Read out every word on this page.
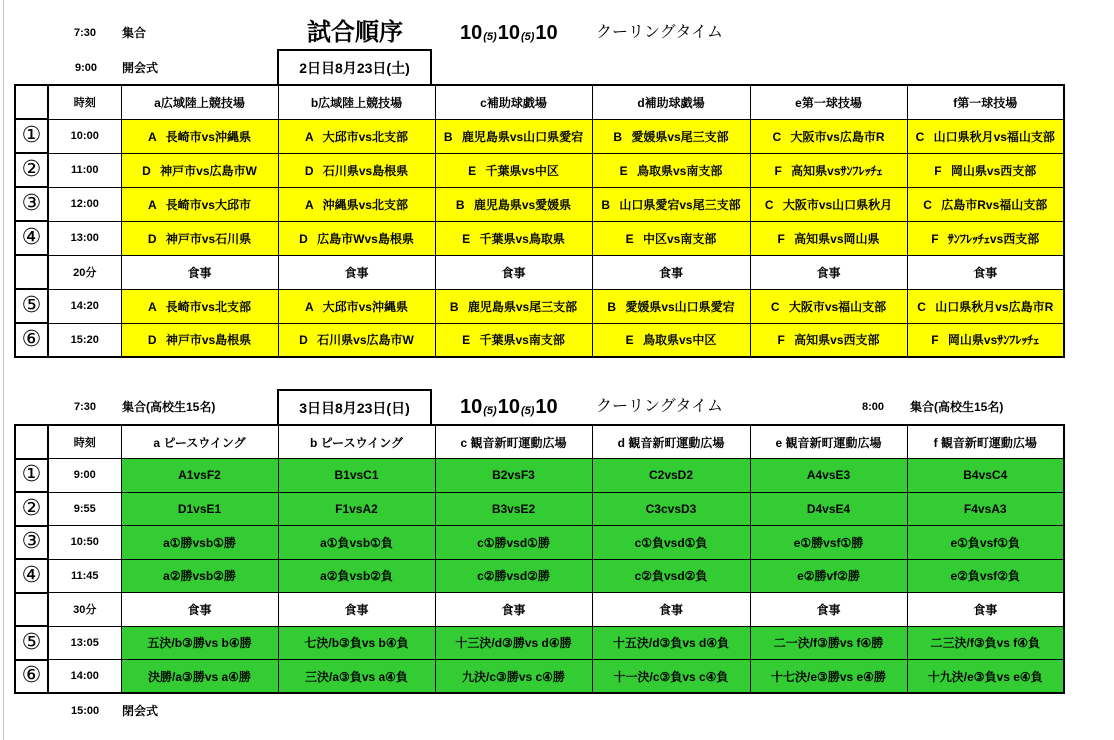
7:30 集合	試合順序	10(5)10(5)10 クーリングタイム
9:00 開会式	2日目8月23日(土)
	時刻	a広域陸上競技場	b広域陸上競技場	c補助球戯場	d補助球戯場	e第一球技場	f第一球技場
①	10:00	A 長崎市vs沖縄県	A 大邱市vs北支部	B 鹿児島県vs山口県愛宕	B 愛媛県vs尾三支部	C 大阪市vs広島市R	C 山口県秋月vs福山支部
②	11:00	D 神戸市vs広島市W	D 石川県vs島根県	E 千葉県vs中区	E 鳥取県vs南支部	F 高知県vsｻﾝﾌﾚｯﾁｪ	F 岡山県vs西支部
③	12:00	A 長崎市vs大邱市	A 沖縄県vs北支部	B 鹿児島県vs愛媛県	B 山口県愛宕vs尾三支部	C 大阪市vs山口県秋月	C 広島市Rvs福山支部
④	13:00	D 神戸市vs石川県	D 広島市Wvs島根県	E 千葉県vs鳥取県	E 中区vs南支部	F 高知県vs岡山県	F ｻﾝﾌﾚｯﾁｪvs西支部
	20分	食事	食事	食事	食事	食事	食事
⑤	14:20	A 長崎市vs北支部	A 大邱市vs沖縄県	B 鹿児島県vs尾三支部	B 愛媛県vs山口県愛宕	C 大阪市vs福山支部	C 山口県秋月vs広島市R
⑥	15:20	D 神戸市vs島根県	D 石川県vs広島市W	E 千葉県vs南支部	E 鳥取県vs中区	F 高知県vs西支部	F 岡山県vsｻﾝﾌﾚｯﾁｪ
7:30 集合(高校生15名)	3日目8月23日(日)	10(5)10(5)10 クーリングタイム	8:00 集合(高校生15名)
	時刻	a ピースウイング	b ピースウイング	c 観音新町運動広場	d 観音新町運動広場	e 観音新町運動広場	f 観音新町運動広場
①	9:00	A1vsF2	B1vsC1	B2vsF3	C2vsD2	A4vsE3	B4vsC4
②	9:55	D1vsE1	F1vsA2	B3vsE2	C3cvsD3	D4vsE4	F4vsA3
③	10:50	a①勝vsb①勝	a①負vsb①負	c①勝vsd①勝	c①負vsd①負	e①勝vsf①勝	e①負vsf①負
④	11:45	a②勝vsb②勝	a②負vsb②負	c②勝vsd②勝	c②負vsd②負	e②勝vf②勝	e②負vsf②負
	30分	食事	食事	食事	食事	食事	食事
⑤	13:05	五決/b③勝vs b④勝	七決/b③負vs b④負	十三決/d③勝vs d④勝	十五決/d③負vs d④負	二一決/f③勝vs f④勝	二三決/f③負vs f④負
⑥	14:00	決勝/a③勝vs a④勝	三決/a③負vs a④負	九決/c③勝vs c④勝	十一決/c③負vs c④負	十七決/e③勝vs e④勝	十九決/e③負vs e④負
15:00 閉会式
